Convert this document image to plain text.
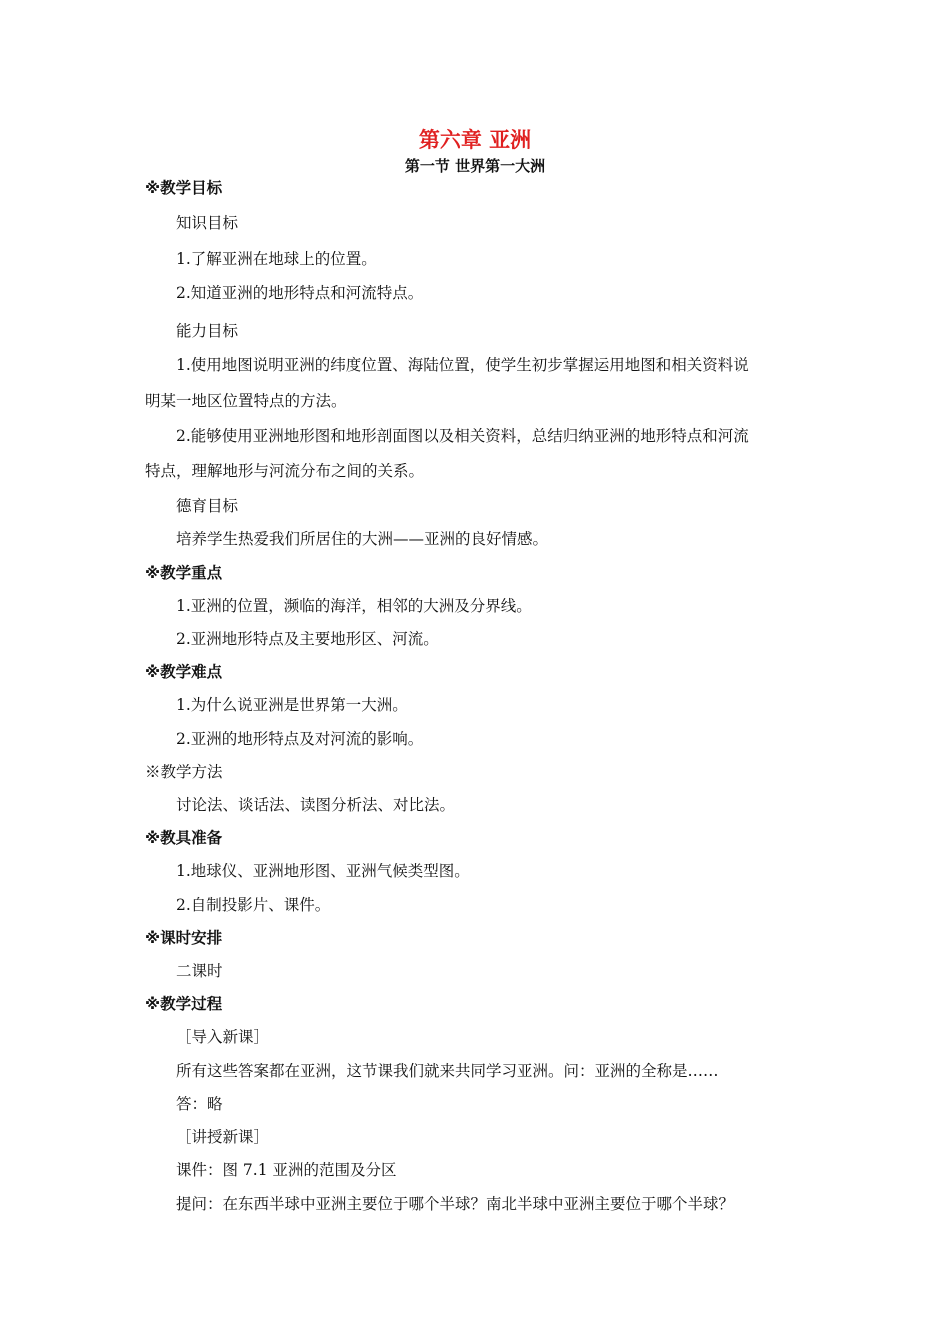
第六章 亚洲
第一节 世界第一大洲
※教学目标
知识目标
1.了解亚洲在地球上的位置。
2.知道亚洲的地形特点和河流特点。
能力目标
1.使用地图说明亚洲的纬度位置、海陆位置，使学生初步掌握运用地图和相关资料说
明某一地区位置特点的方法。
2.能够使用亚洲地形图和地形剖面图以及相关资料，总结归纳亚洲的地形特点和河流
特点，理解地形与河流分布之间的关系。
德育目标
培养学生热爱我们所居住的大洲——亚洲的良好情感。
※教学重点
1.亚洲的位置，濒临的海洋，相邻的大洲及分界线。
2.亚洲地形特点及主要地形区、河流。
※教学难点
1.为什么说亚洲是世界第一大洲。
2.亚洲的地形特点及对河流的影响。
※教学方法
讨论法、谈话法、读图分析法、对比法。
※教具准备
1.地球仪、亚洲地形图、亚洲气候类型图。
2.自制投影片、课件。
※课时安排
二课时
※教学过程
［导入新课］
所有这些答案都在亚洲，这节课我们就来共同学习亚洲。问：亚洲的全称是……
答：略
［讲授新课］
课件：图 7.1 亚洲的范围及分区
提问：在东西半球中亚洲主要位于哪个半球？南北半球中亚洲主要位于哪个半球？
